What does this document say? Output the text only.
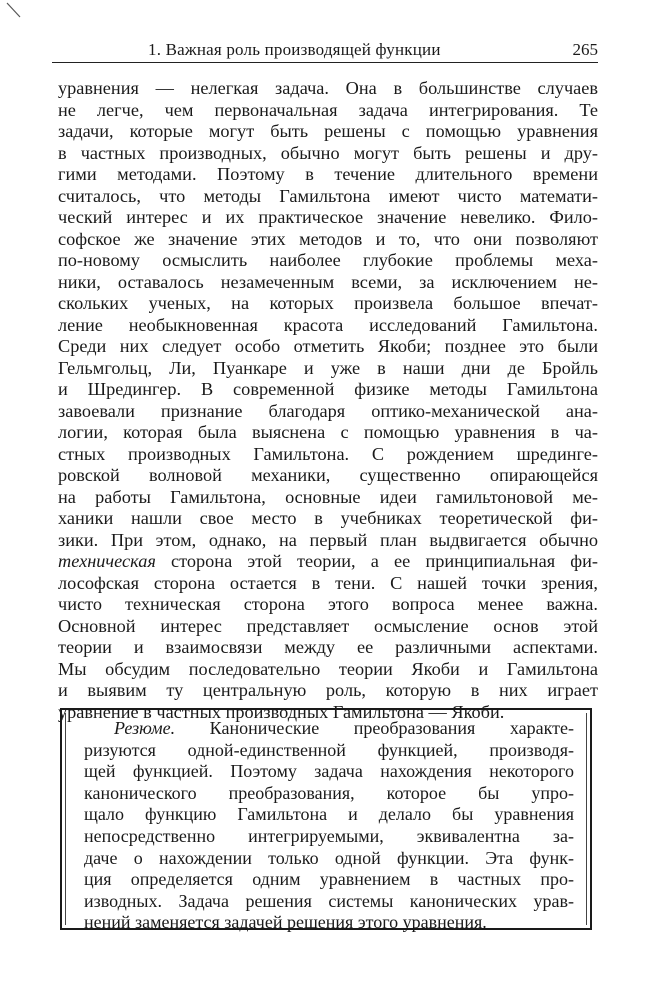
1. Важная роль производящей функции	265
уравнения — нелегкая задача. Она в большинстве случаев
не легче, чем первоначальная задача интегрирования. Те
задачи, которые могут быть решены с помощью уравнения
в частных производных, обычно могут быть решены и дру-
гими методами. Поэтому в течение длительного времени
считалось, что методы Гамильтона имеют чисто математи-
ческий интерес и их практическое значение невелико. Фило-
софское же значение этих методов и то, что они позволяют
по-новому осмыслить наиболее глубокие проблемы меха-
ники, оставалось незамеченным всеми, за исключением не-
скольких ученых, на которых произвела большое впечат-
ление необыкновенная красота исследований Гамильтона.
Среди них следует особо отметить Якоби; позднее это были
Гельмгольц, Ли, Пуанкаре и уже в наши дни де Бройль
и Шредингер. В современной физике методы Гамильтона
завоевали признание благодаря оптико-механической ана-
логии, которая была выяснена с помощью уравнения в ча-
стных производных Гамильтона. С рождением шрединге-
ровской волновой механики, существенно опирающейся
на работы Гамильтона, основные идеи гамильтоновой ме-
ханики нашли свое место в учебниках теоретической фи-
зики. При этом, однако, на первый план выдвигается обычно
техническая сторона этой теории, а ее принципиальная фи-
лософская сторона остается в тени. С нашей точки зрения,
чисто техническая сторона этого вопроса менее важна.
Основной интерес представляет осмысление основ этой
теории и взаимосвязи между ее различными аспектами.
Мы обсудим последовательно теории Якоби и Гамильтона
и выявим ту центральную роль, которую в них играет
уравнение в частных производных Гамильтона — Якоби.
Резюме. Канонические преобразования характе-
ризуются одной-единственной функцией, производя-
щей функцией. Поэтому задача нахождения некоторого
канонического преобразования, которое бы упро-
щало функцию Гамильтона и делало бы уравнения
непосредственно интегрируемыми, эквивалентна за-
даче о нахождении только одной функции. Эта функ-
ция определяется одним уравнением в частных про-
изводных. Задача решения системы канонических урав-
нений заменяется задачей решения этого уравнения.
